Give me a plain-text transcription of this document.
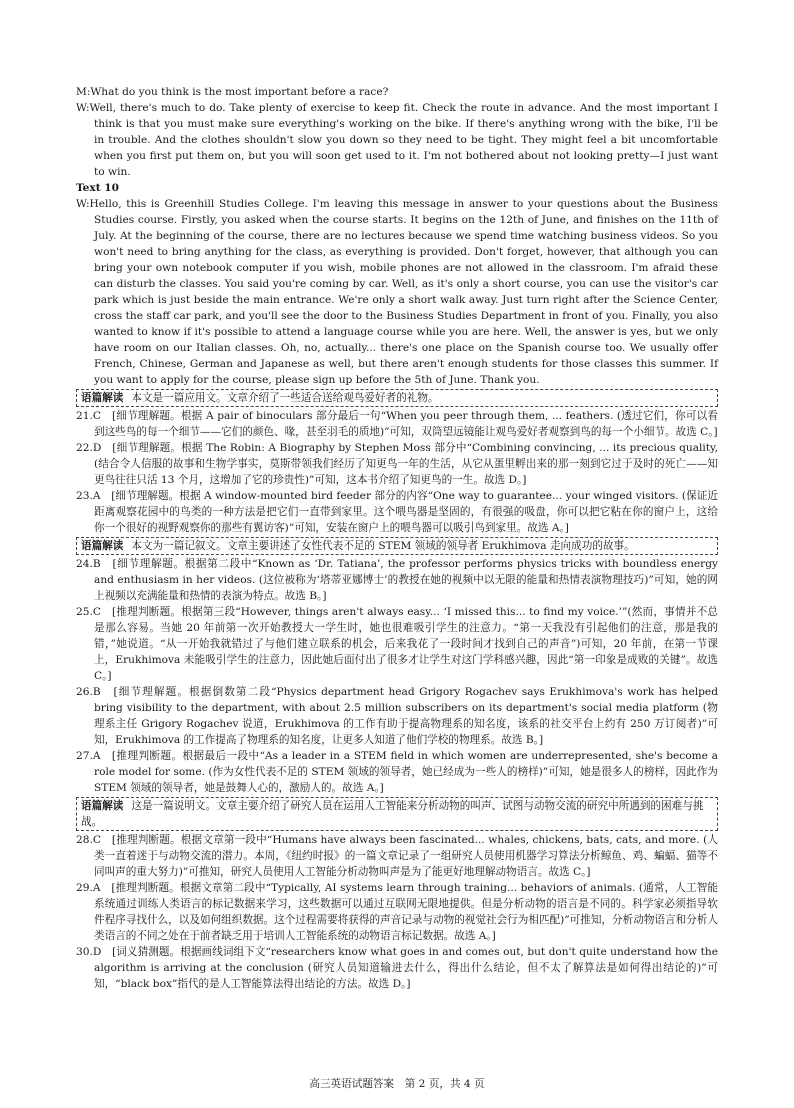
M:What do you think is the most important before a race?

W:Well, there's much to do. Take plenty of exercise to keep fit. Check the route in advance. And the most important I think is that you must make sure everything's working on the bike. If there's anything wrong with the bike, I'll be in trouble. And the clothes shouldn't slow you down so they need to be tight. They might feel a bit uncomfortable when you first put them on, but you will soon get used to it. I'm not bothered about not looking pretty—I just want to win.

Text 10

W:Hello, this is Greenhill Studies College. I'm leaving this message in answer to your questions about the Business Studies course. Firstly, you asked when the course starts. It begins on the 12th of June, and finishes on the 11th of July. At the beginning of the course, there are no lectures because we spend time watching business videos. So you won't need to bring anything for the class, as everything is provided. Don't forget, however, that although you can bring your own notebook computer if you wish, mobile phones are not allowed in the classroom. I'm afraid these can disturb the classes. You said you're coming by car. Well, as it's only a short course, you can use the visitor's car park which is just beside the main entrance. We're only a short walk away. Just turn right after the Science Center, cross the staff car park, and you'll see the door to the Business Studies Department in front of you. Finally, you also wanted to know if it's possible to attend a language course while you are here. Well, the answer is yes, but we only have room on our Italian classes. Oh, no, actually... there's one place on the Spanish course too. We usually offer French, Chinese, German and Japanese as well, but there aren't enough students for those classes this summer. If you want to apply for the course, please sign up before the 5th of June. Thank you.

语篇解读 本文是一篇应用文。文章介绍了一些适合送给观鸟爱好者的礼物。

21.C　 [细节理解题。根据 A pair of binoculars 部分最后一句“When you peer through them, ... feathers. (透过它们，你可以看到这些鸟的每一个细节——它们的颜色、喙，甚至羽毛的质地)”可知，双筒望远镜能让观鸟爱好者观察到鸟的每一个小细节。故选 C。]

22.D　 [细节理解题。根据 The Robin: A Biography by Stephen Moss 部分中“Combining convincing, ... its precious quality, (结合令人信服的故事和生物学事实，莫斯带领我们经历了知更鸟一年的生活，从它从蛋里孵出来的那一刻到它过于及时的死亡——知更鸟往往只活 13 个月，这增加了它的珍贵性)”可知，这本书介绍了知更鸟的一生。故选 D。]

23.A　 [细节理解题。根据 A window-mounted bird feeder 部分的内容“One way to guarantee... your winged visitors. (保证近距离观察花园中的鸟类的一种方法是把它们一直带到家里。这个喂鸟器是坚固的，有很强的吸盘，你可以把它粘在你的窗户上，这给你一个很好的视野观察你的那些有翼访客)”可知，安装在窗户上的喂鸟器可以吸引鸟到家里。故选 A。]

语篇解读 本文为一篇记叙文。文章主要讲述了女性代表不足的 STEM 领域的领导者 Erukhimova 走向成功的故事。

24.B　 [细节理解题。根据第二段中“Known as ‘Dr. Tatiana’, the professor performs physics tricks with boundless energy and enthusiasm in her videos. (这位被称为‘塔蒂亚娜博士’的教授在她的视频中以无限的能量和热情表演物理技巧)”可知，她的网上视频以充满能量和热情的表演为特点。故选 B。]

25.C　 [推理判断题。根据第三段“However, things aren't always easy... ‘I missed this... to find my voice.’”(然而，事情并不总是那么容易。当她 20 年前第一次开始教授大一学生时，她也很难吸引学生的注意力。“第一天我没有引起他们的注意，那是我的错，”她说道。“从一开始我就错过了与他们建立联系的机会，后来我花了一段时间才找到自己的声音”)可知，20 年前，在第一节课上，Erukhimova 未能吸引学生的注意力，因此她后面付出了很多才让学生对这门学科感兴趣，因此“第一印象是成败的关键”。故选 C。]

26.B　 [细节理解题。根据倒数第二段“Physics department head Grigory Rogachev says Erukhimova's work has helped bring visibility to the department, with about 2.5 million subscribers on its department's social media platform (物理系主任 Grigory Rogachev 说道，Erukhimova 的工作有助于提高物理系的知名度，该系的社交平台上约有 250 万订阅者)”可知，Erukhimova 的工作提高了物理系的知名度，让更多人知道了他们学校的物理系。故选 B。]

27.A　 [推理判断题。根据最后一段中“As a leader in a STEM field in which women are underrepresented, she's become a role model for some. (作为女性代表不足的 STEM 领域的领导者，她已经成为一些人的榜样)”可知，她是很多人的榜样，因此作为 STEM 领域的领导者，她是鼓舞人心的，激励人的。故选 A。]

语篇解读 这是一篇说明文。文章主要介绍了研究人员在运用人工智能来分析动物的叫声、试图与动物交流的研究中所遇到的困难与挑战。

28.C　 [推理判断题。根据文章第一段中“Humans have always been fascinated... whales, chickens, bats, cats, and more. (人类一直着迷于与动物交流的潜力。本周，《纽约时报》的一篇文章记录了一组研究人员使用机器学习算法分析鲸鱼、鸡、蝙蝠、猫等不同叫声的重大努力)”可推知，研究人员使用人工智能分析动物叫声是为了能更好地理解动物语言。故选 C。]

29.A　 [推理判断题。根据文章第二段中“Typically, AI systems learn through training... behaviors of animals. (通常，人工智能系统通过训练人类语言的标记数据来学习，这些数据可以通过互联网无限地提供。但是分析动物的语言是不同的。科学家必须指导软件程序寻找什么，以及如何组织数据。这个过程需要将获得的声音记录与动物的视觉社会行为相匹配)”可推知，分析动物语言和分析人类语言的不同之处在于前者缺乏用于培训人工智能系统的动物语言标记数据。故选 A。]

30.D　 [词义猜测题。根据画线词组下文“researchers know what goes in and comes out, but don't quite understand how the algorithm is arriving at the conclusion (研究人员知道输进去什么，得出什么结论，但不太了解算法是如何得出结论的)”可知，“black box”指代的是人工智能算法得出结论的方法。故选 D。]

高三英语试题答案　第 2 页，共 4 页
